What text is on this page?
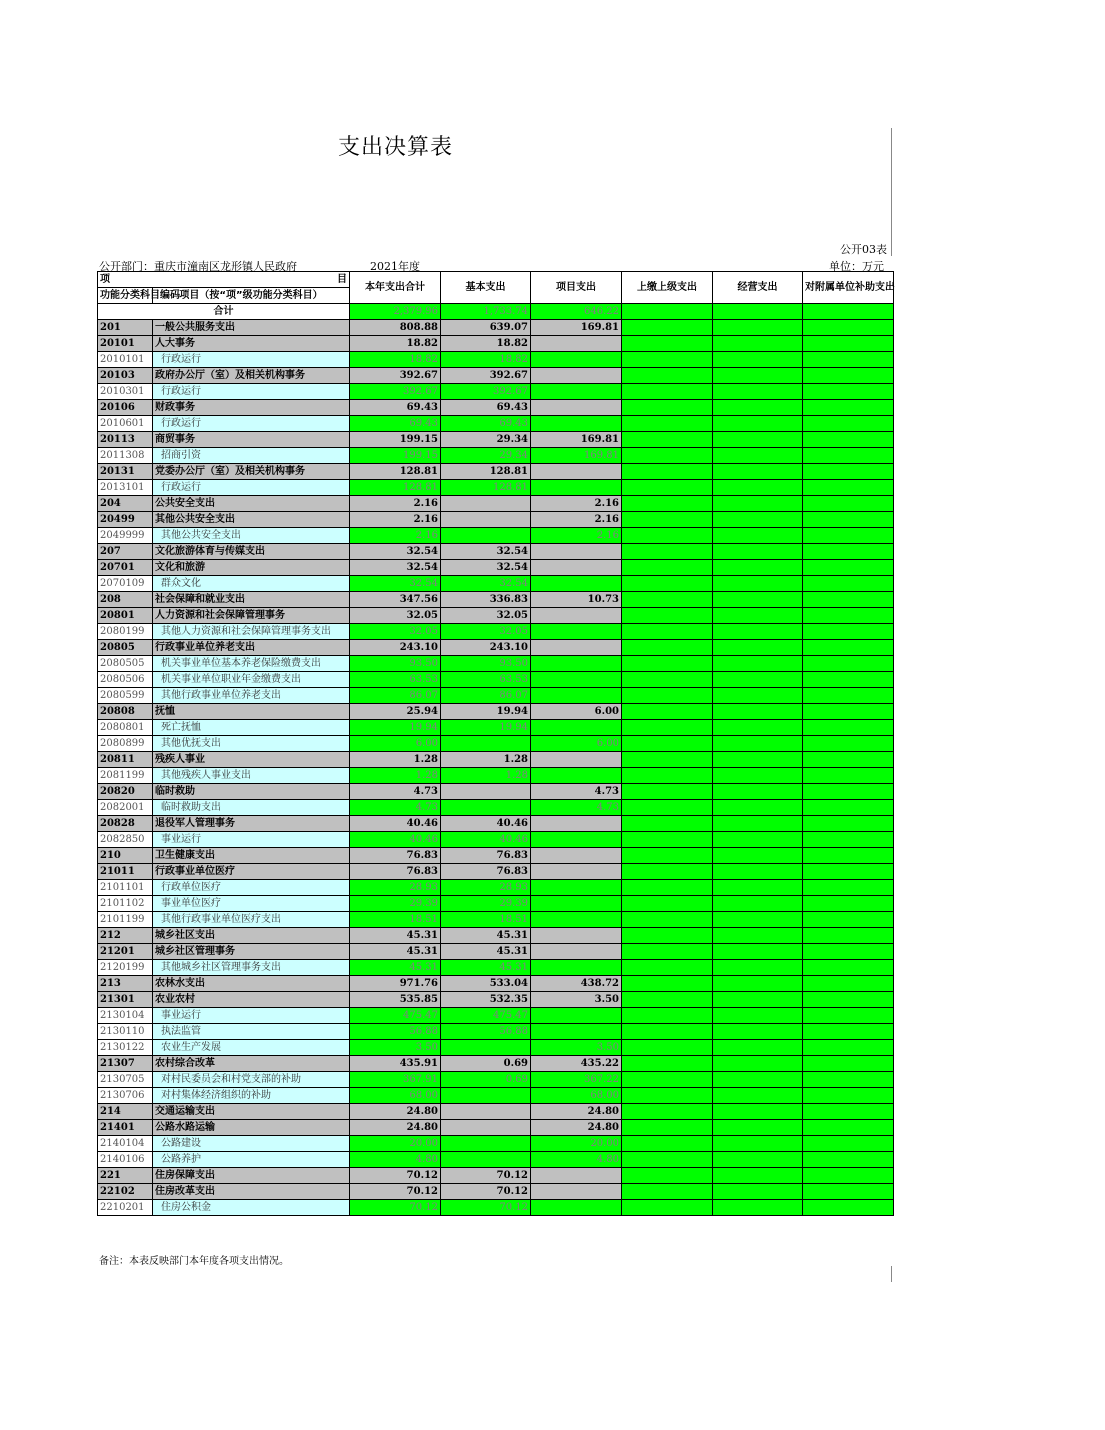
支出决算表
公开03表
公开部门：重庆市潼南区龙形镇人民政府	2021年度	单位：万元
项 目		本年支出合计	基本支出	项目支出	上缴上级支出	经营支出	对附属单位补助支出
功能分类科目编码	项目（按“项”级功能分类科目）						
合计		2,379.96	1,733.74	646.22			
201	一般公共服务支出	808.88	639.07	169.81			
20101	人大事务	18.82	18.82				
2010101	行政运行	18.82	18.82				
20103	政府办公厅（室）及相关机构事务	392.67	392.67				
2010301	行政运行	392.67	392.67				
20106	财政事务	69.43	69.43				
2010601	行政运行	69.43	69.43				
20113	商贸事务	199.15	29.34	169.81			
2011308	招商引资	199.15	29.34	169.81			
20131	党委办公厅（室）及相关机构事务	128.81	128.81				
2013101	行政运行	128.81	128.81				
204	公共安全支出	2.16		2.16			
20499	其他公共安全支出	2.16		2.16			
2049999	其他公共安全支出	2.16		2.16			
207	文化旅游体育与传媒支出	32.54	32.54				
20701	文化和旅游	32.54	32.54				
2070109	群众文化	32.54	32.54				
208	社会保障和就业支出	347.56	336.83	10.73			
20801	人力资源和社会保障管理事务	32.05	32.05				
2080199	其他人力资源和社会保障管理事务支出	32.05	32.05				
20805	行政事业单位养老支出	243.10	243.10				
2080505	机关事业单位基本养老保险缴费支出	93.50	93.50				
2080506	机关事业单位职业年金缴费支出	63.53	63.53				
2080599	其他行政事业单位养老支出	86.07	86.07				
20808	抚恤	25.94	19.94	6.00			
2080801	死亡抚恤	19.94	19.94				
2080899	其他优抚支出	6.00		6.00			
20811	残疾人事业	1.28	1.28				
2081199	其他残疾人事业支出	1.28	1.28				
20820	临时救助	4.73		4.73			
2082001	临时救助支出	4.73		4.73			
20828	退役军人管理事务	40.46	40.46				
2082850	事业运行	40.46	40.46				
210	卫生健康支出	76.83	76.83				
21011	行政事业单位医疗	76.83	76.83				
2101101	行政单位医疗	28.93	28.93				
2101102	事业单位医疗	29.39	29.39				
2101199	其他行政事业单位医疗支出	18.51	18.51				
212	城乡社区支出	45.31	45.31				
21201	城乡社区管理事务	45.31	45.31				
2120199	其他城乡社区管理事务支出	45.31	45.31				
213	农林水支出	971.76	533.04	438.72			
21301	农业农村	535.85	532.35	3.50			
2130104	事业运行	475.47	475.47				
2130110	执法监管	56.88	56.88				
2130122	农业生产发展	3.50		3.50			
21307	农村综合改革	435.91	0.69	435.22			
2130705	对村民委员会和村党支部的补助	367.91	0.69	367.22			
2130706	对村集体经济组织的补助	68.00		68.00			
214	交通运输支出	24.80		24.80			
21401	公路水路运输	24.80		24.80			
2140104	公路建设	20.00		20.00			
2140106	公路养护	4.80		4.80			
221	住房保障支出	70.12	70.12				
22102	住房改革支出	70.12	70.12				
2210201	住房公积金	70.12	70.12				
备注：本表反映部门本年度各项支出情况。
